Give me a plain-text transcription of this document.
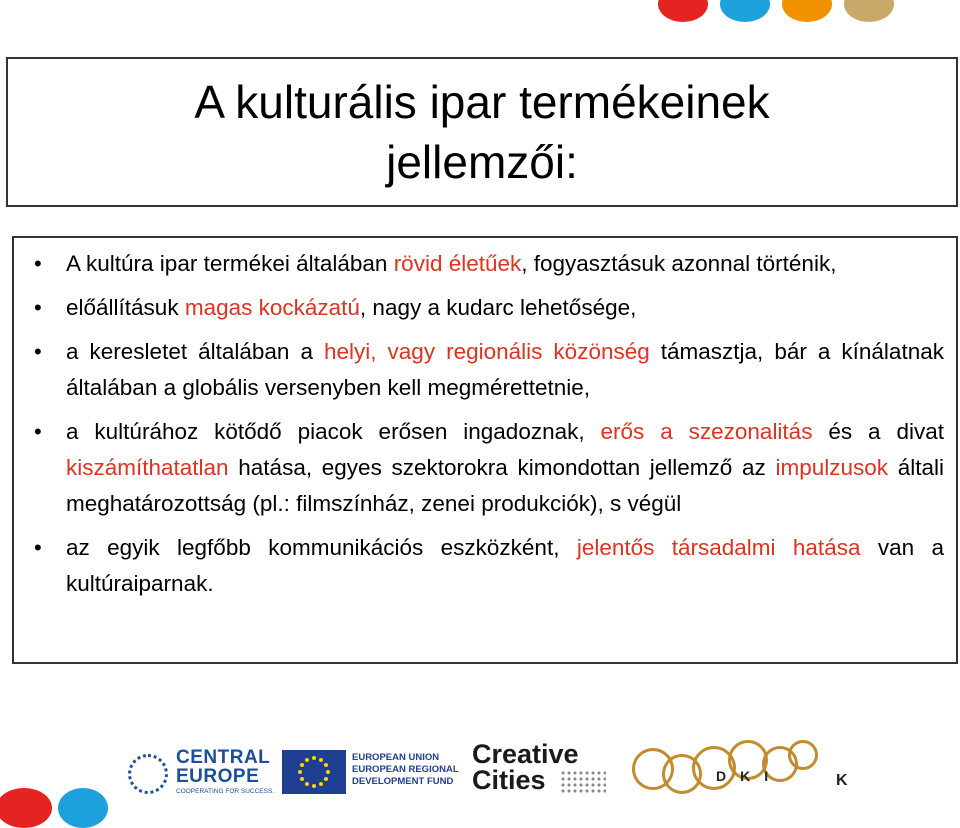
A kulturális ipar termékeinek
jellemzői:
• A kultúra ipar termékei általában rövid életűek, fogyasztásuk azonnal történik,
• előállításuk magas kockázatú, nagy a kudarc lehetősége,
• a keresletet általában a helyi, vagy regionális közönség támasztja, bár a kínálatnak általában a globális versenyben kell megmérettetnie,
• a kultúrához kötődő piacok erősen ingadoznak, erős a szezonalitás és a divat kiszámíthatatlan hatása, egyes szektorokra kimondottan jellemző az impulzusok általi meghatározottság (pl.: filmszínház, zenei produkciók), s végül
• az egyik legfőbb kommunikációs eszközként, jelentős társadalmi hatása van a kultúraiparnak.
CENTRAL
EUROPE
COOPERATING FOR SUCCESS.
EUROPEAN UNION
EUROPEAN REGIONAL
DEVELOPMENT FUND
Creative
Cities	DKI	K
